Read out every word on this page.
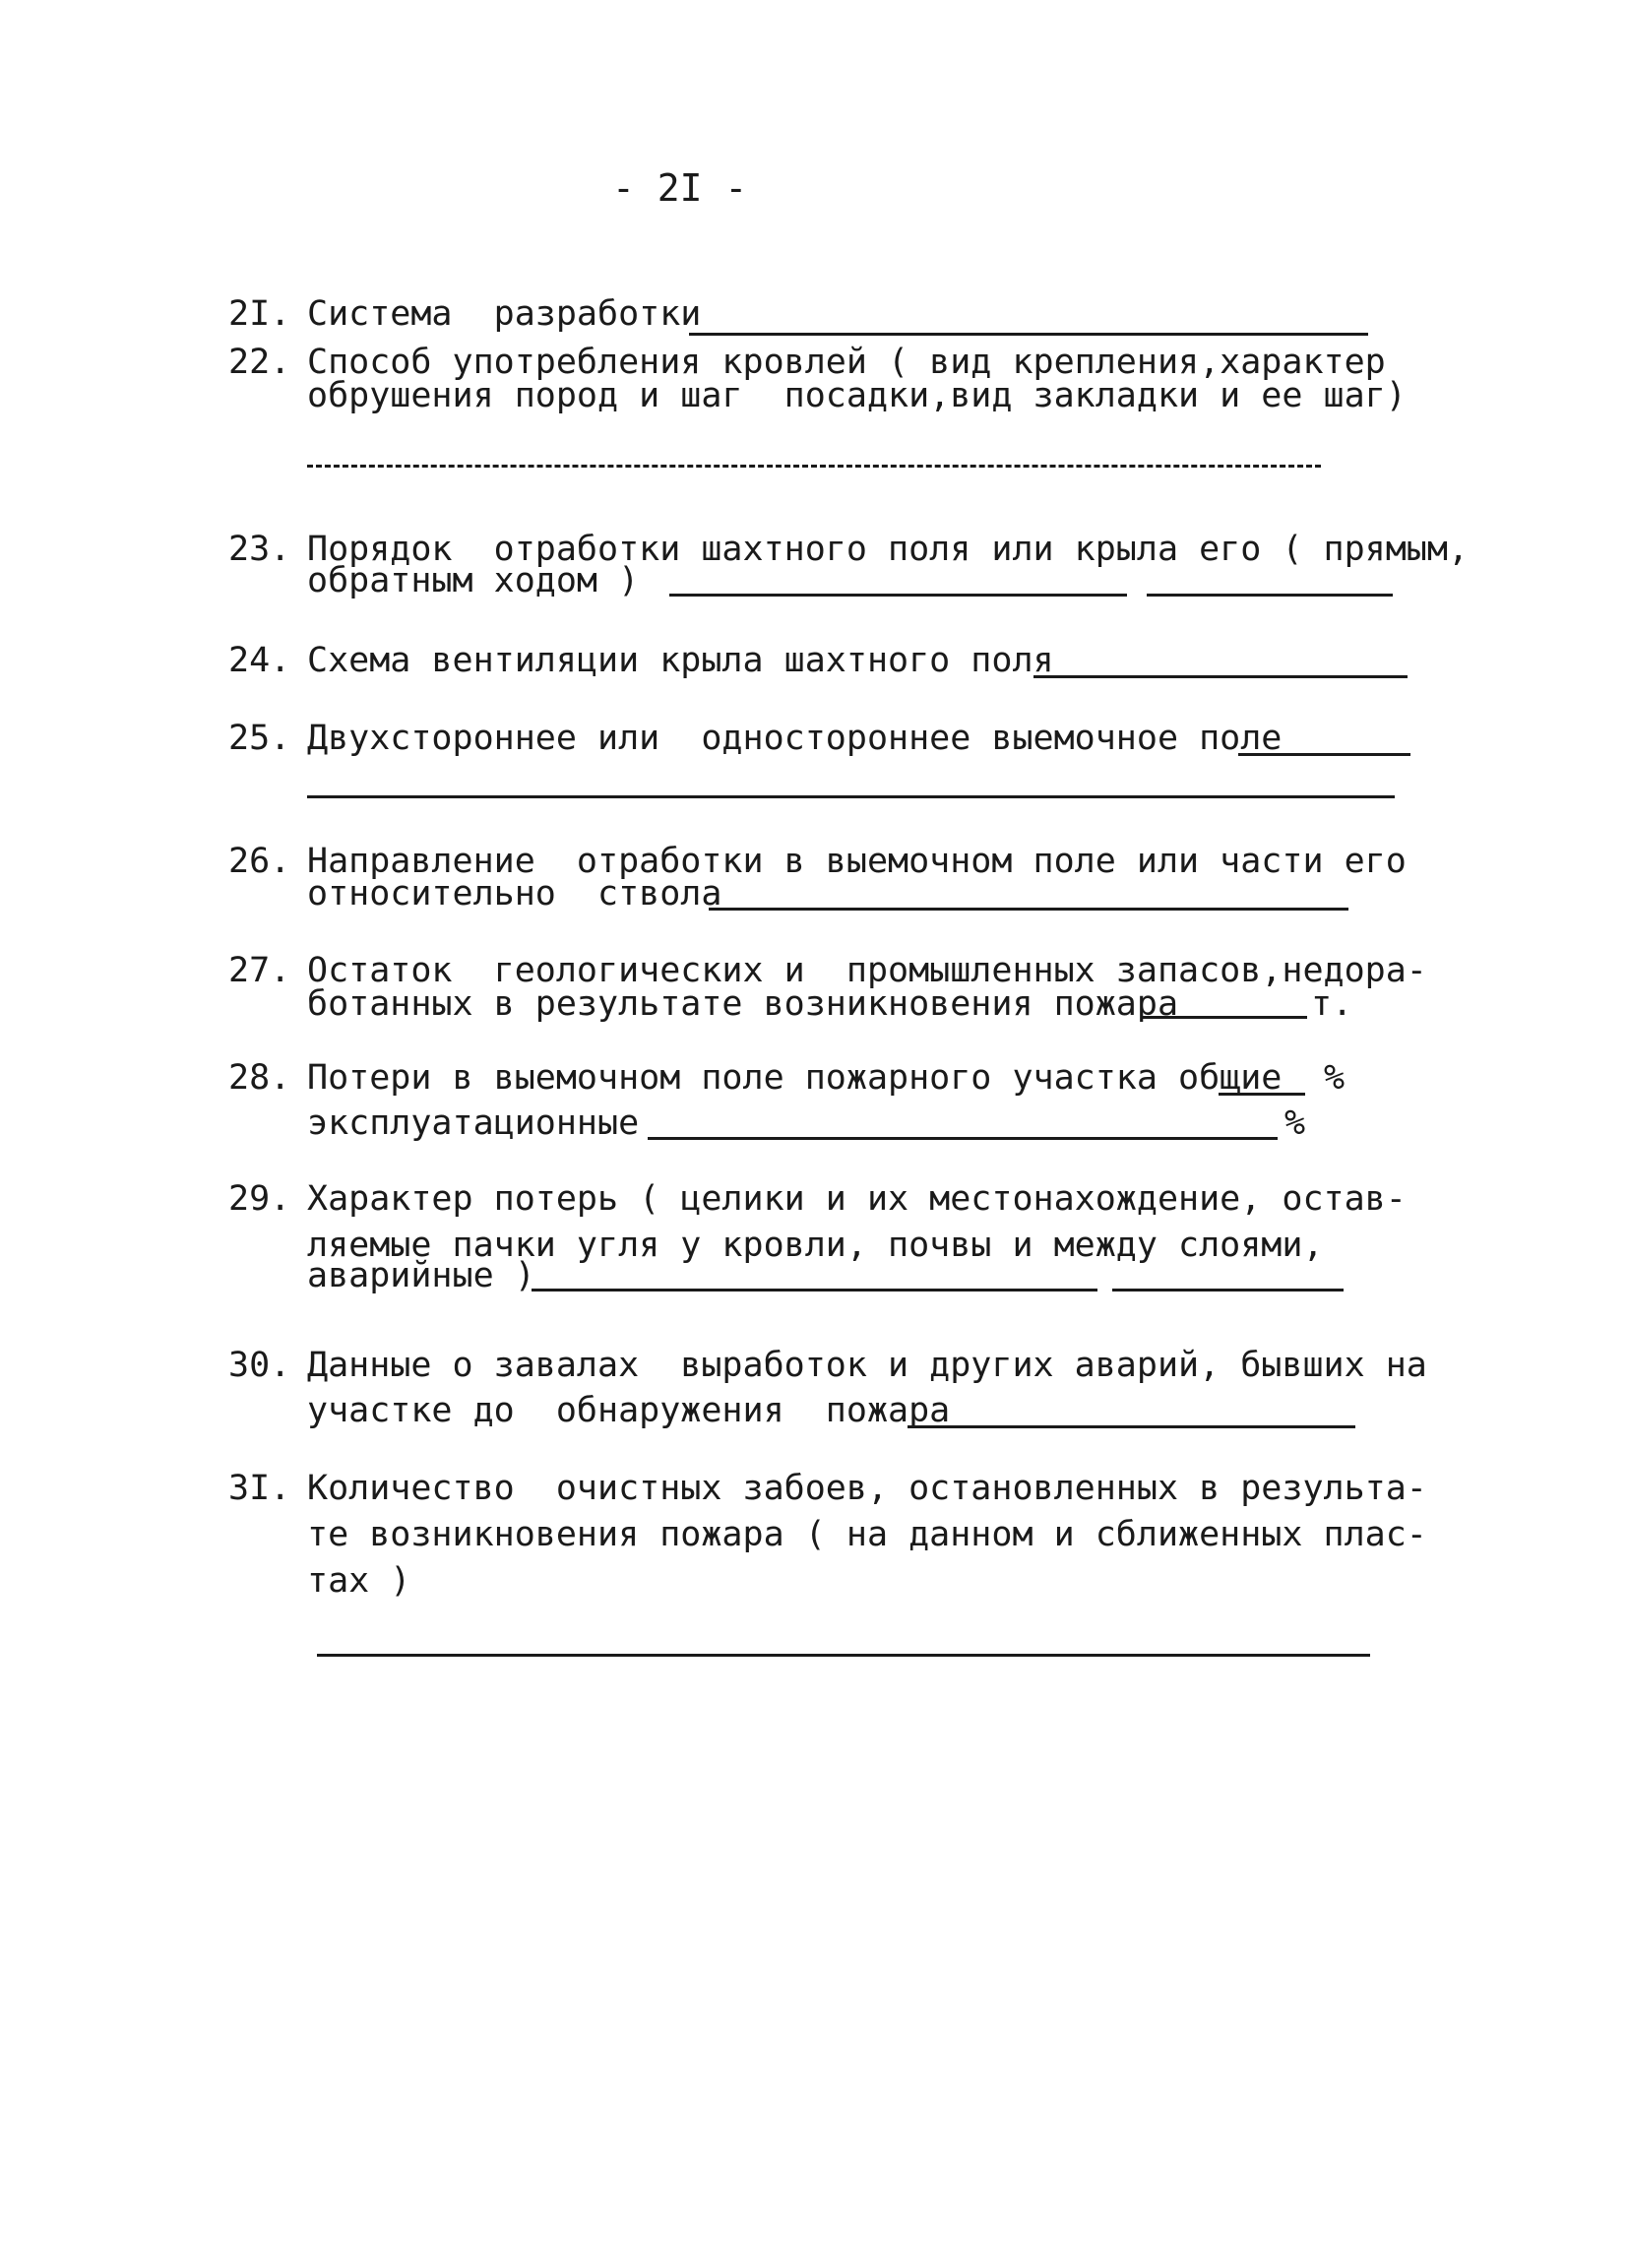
- 2I -
2I. Система  разработки
22. Способ употребления кровлей ( вид крепления,характер
обрушения пород и шаг  посадки,вид закладки и ее шаг)
23. Порядок  отработки шахтного поля или крыла его ( прямым,
обратным ходом )
24. Схема вентиляции крыла шахтного поля
25. Двухстороннее или  одностороннее выемочное поле
26. Направление  отработки в выемочном поле или части его
относительно  ствола
27. Остаток  геологических и  промышленных запасов,недора-
ботанных в результате возникновения пожара	т.
28. Потери в выемочном поле пожарного участка общие %
эксплуатационные	%
29. Характер потерь ( целики и их местонахождение, остав-
ляемые пачки угля у кровли, почвы и между слоями,
аварийные )
30. Данные о завалах  выработок и других аварий, бывших на
участке до  обнаружения  пожара
3I. Количество  очистных забоев, остановленных в результа-
те возникновения пожара ( на данном и сближенных плас-
тах )
